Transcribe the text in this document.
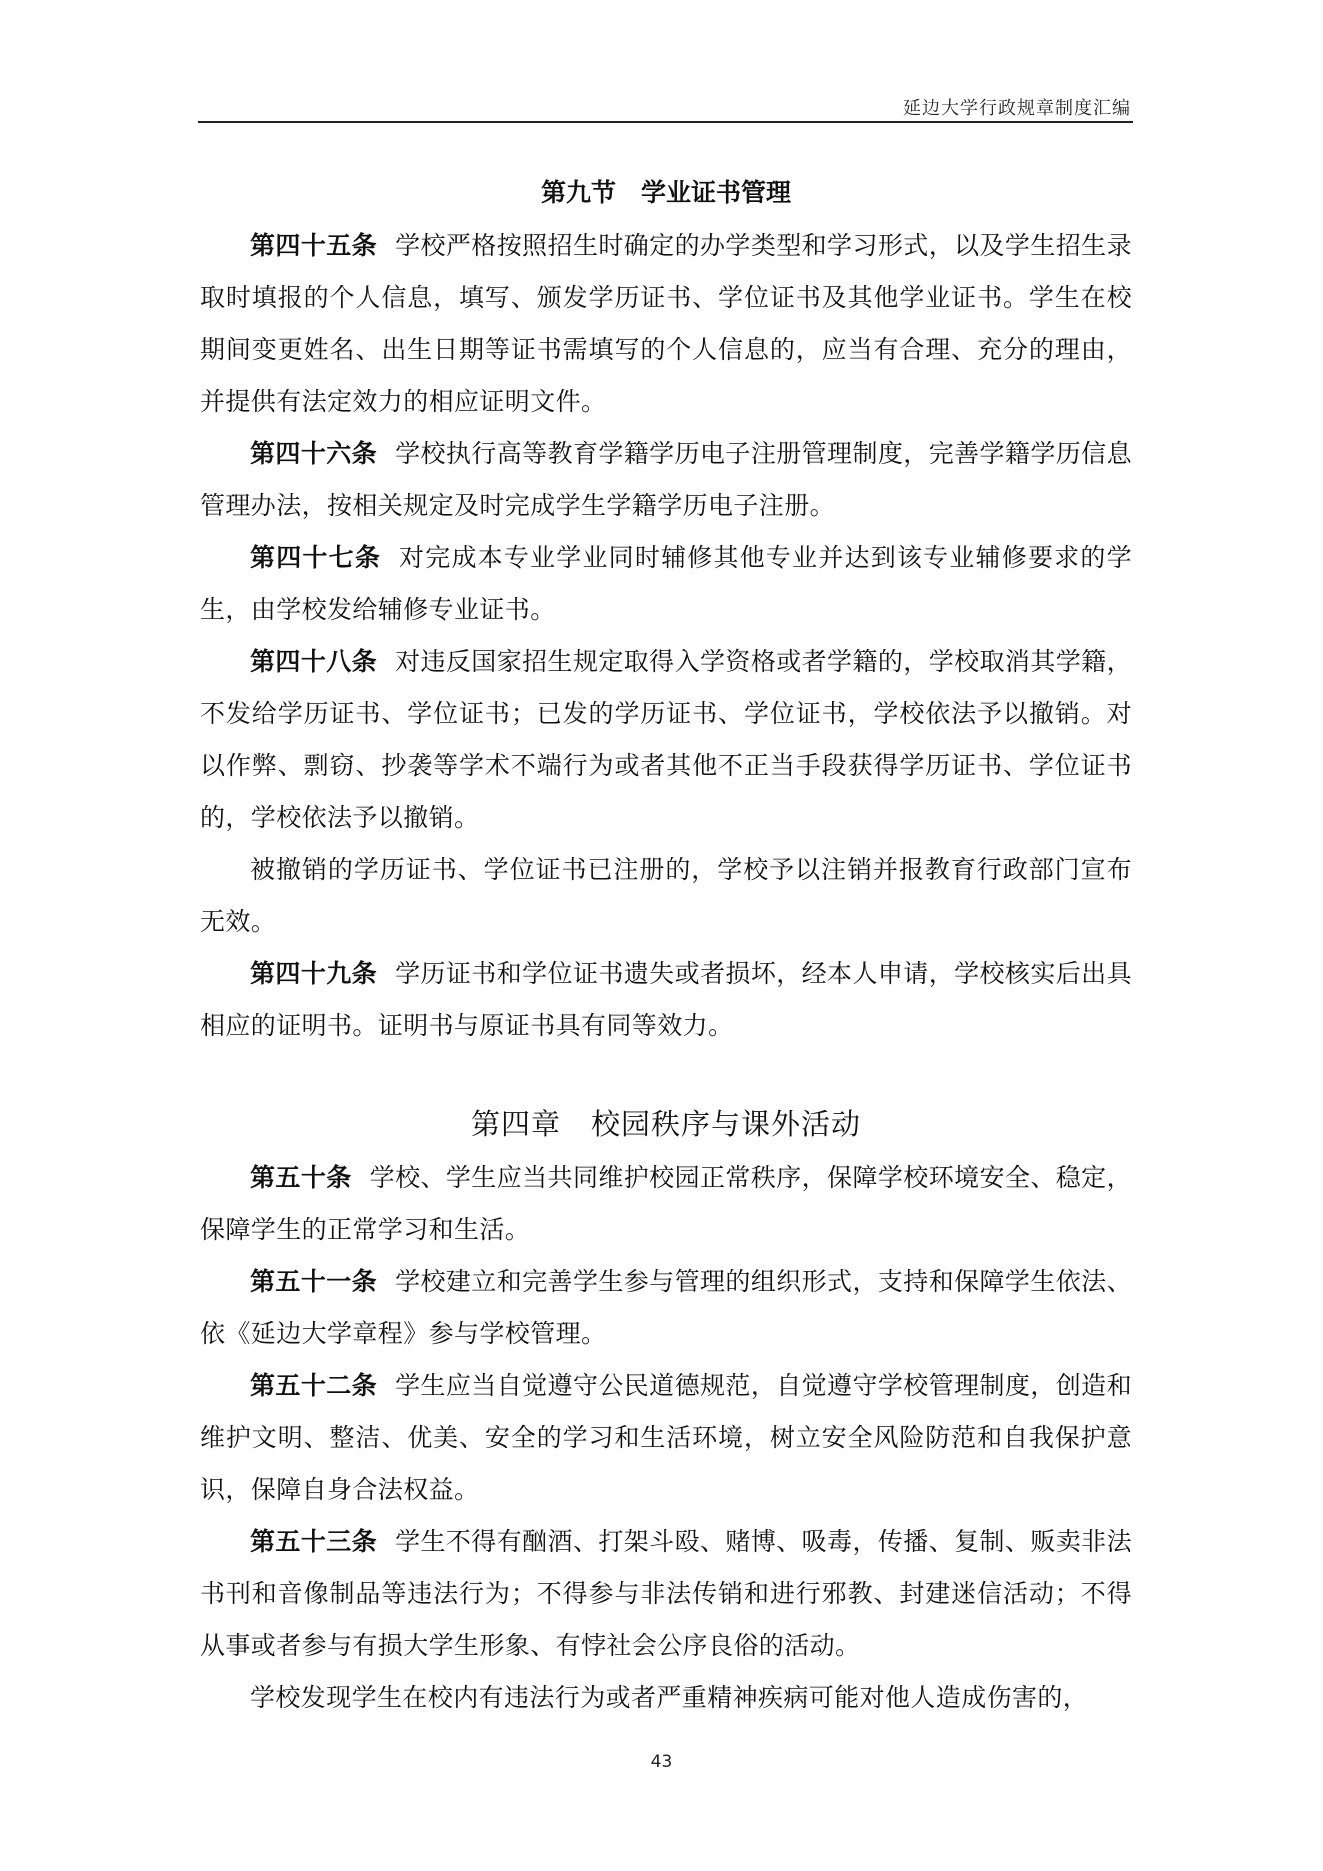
延边大学行政规章制度汇编
第九节　学业证书管理

第四十五条 学校严格按照招生时确定的办学类型和学习形式，以及学生招生录取时填报的个人信息，填写、颁发学历证书、学位证书及其他学业证书。学生在校期间变更姓名、出生日期等证书需填写的个人信息的，应当有合理、充分的理由，并提供有法定效力的相应证明文件。

第四十六条 学校执行高等教育学籍学历电子注册管理制度，完善学籍学历信息管理办法，按相关规定及时完成学生学籍学历电子注册。

第四十七条 对完成本专业学业同时辅修其他专业并达到该专业辅修要求的学生，由学校发给辅修专业证书。

第四十八条 对违反国家招生规定取得入学资格或者学籍的，学校取消其学籍，不发给学历证书、学位证书；已发的学历证书、学位证书，学校依法予以撤销。对以作弊、剽窃、抄袭等学术不端行为或者其他不正当手段获得学历证书、学位证书的，学校依法予以撤销。

被撤销的学历证书、学位证书已注册的，学校予以注销并报教育行政部门宣布无效。

第四十九条 学历证书和学位证书遗失或者损坏，经本人申请，学校核实后出具相应的证明书。证明书与原证书具有同等效力。

第四章　校园秩序与课外活动

第五十条 学校、学生应当共同维护校园正常秩序，保障学校环境安全、稳定，保障学生的正常学习和生活。

第五十一条 学校建立和完善学生参与管理的组织形式，支持和保障学生依法、依《延边大学章程》参与学校管理。

第五十二条 学生应当自觉遵守公民道德规范，自觉遵守学校管理制度，创造和维护文明、整洁、优美、安全的学习和生活环境，树立安全风险防范和自我保护意识，保障自身合法权益。

第五十三条 学生不得有酗酒、打架斗殴、赌博、吸毒，传播、复制、贩卖非法书刊和音像制品等违法行为；不得参与非法传销和进行邪教、封建迷信活动；不得从事或者参与有损大学生形象、有悖社会公序良俗的活动。

学校发现学生在校内有违法行为或者严重精神疾病可能对他人造成伤害的，

43
